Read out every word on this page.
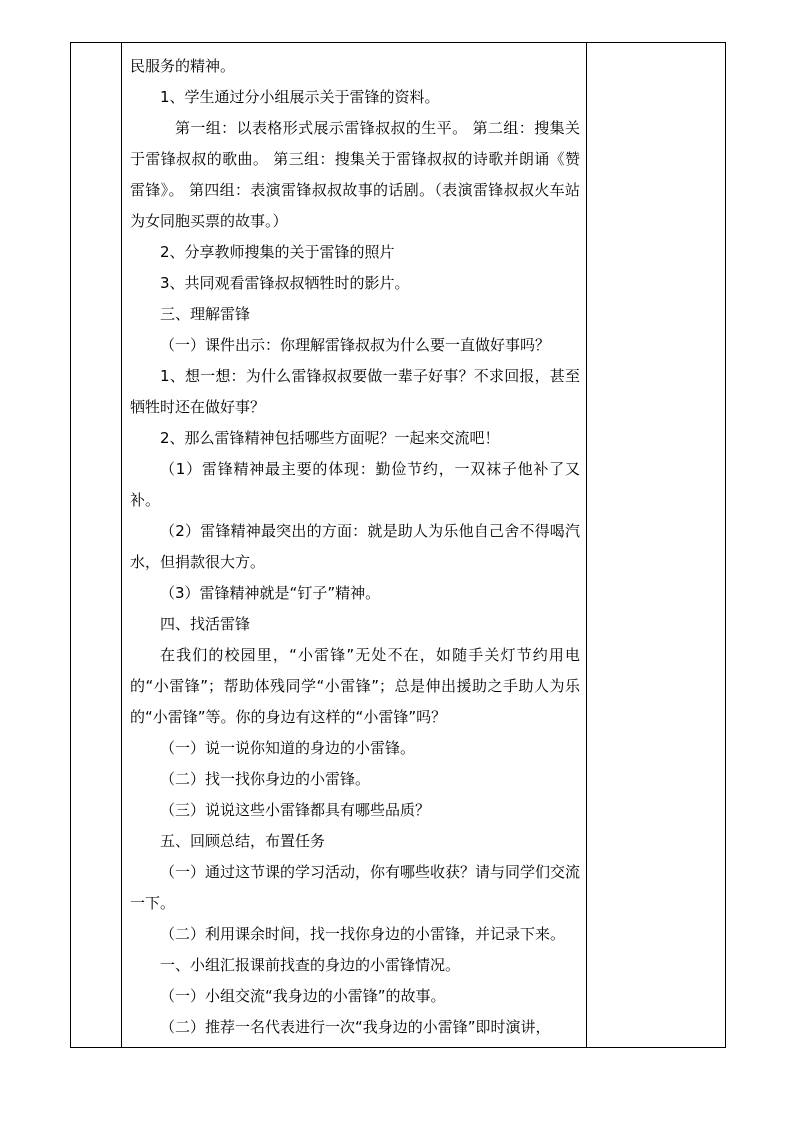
民服务的精神。

1、学生通过分小组展示关于雷锋的资料。

第一组：以表格形式展示雷锋叔叔的生平。 第二组：搜集关于雷锋叔叔的歌曲。 第三组：搜集关于雷锋叔叔的诗歌并朗诵《赞雷锋》。 第四组：表演雷锋叔叔故事的话剧。（表演雷锋叔叔火车站为女同胞买票的故事。）

2、分享教师搜集的关于雷锋的照片

3、共同观看雷锋叔叔牺牲时的影片。

三、理解雷锋

（一）课件出示：你理解雷锋叔叔为什么要一直做好事吗？

1、想一想：为什么雷锋叔叔要做一辈子好事？不求回报，甚至牺牲时还在做好事？

2、那么雷锋精神包括哪些方面呢？一起来交流吧！

（1）雷锋精神最主要的体现：勤俭节约，一双袜子他补了又补。

（2）雷锋精神最突出的方面：就是助人为乐他自己舍不得喝汽水，但捐款很大方。

（3）雷锋精神就是“钉子”精神。

四、找活雷锋

在我们的校园里，“小雷锋”无处不在，如随手关灯节约用电的“小雷锋”；帮助体残同学“小雷锋”；总是伸出援助之手助人为乐的“小雷锋”等。你的身边有这样的“小雷锋”吗？

（一）说一说你知道的身边的小雷锋。

（二）找一找你身边的小雷锋。

（三）说说这些小雷锋都具有哪些品质？

五、回顾总结，布置任务

（一）通过这节课的学习活动，你有哪些收获？请与同学们交流一下。

（二）利用课余时间，找一找你身边的小雷锋，并记录下来。

一、小组汇报课前找查的身边的小雷锋情况。

（一）小组交流“我身边的小雷锋”的故事。

（二）推荐一名代表进行一次“我身边的小雷锋”即时演讲，
